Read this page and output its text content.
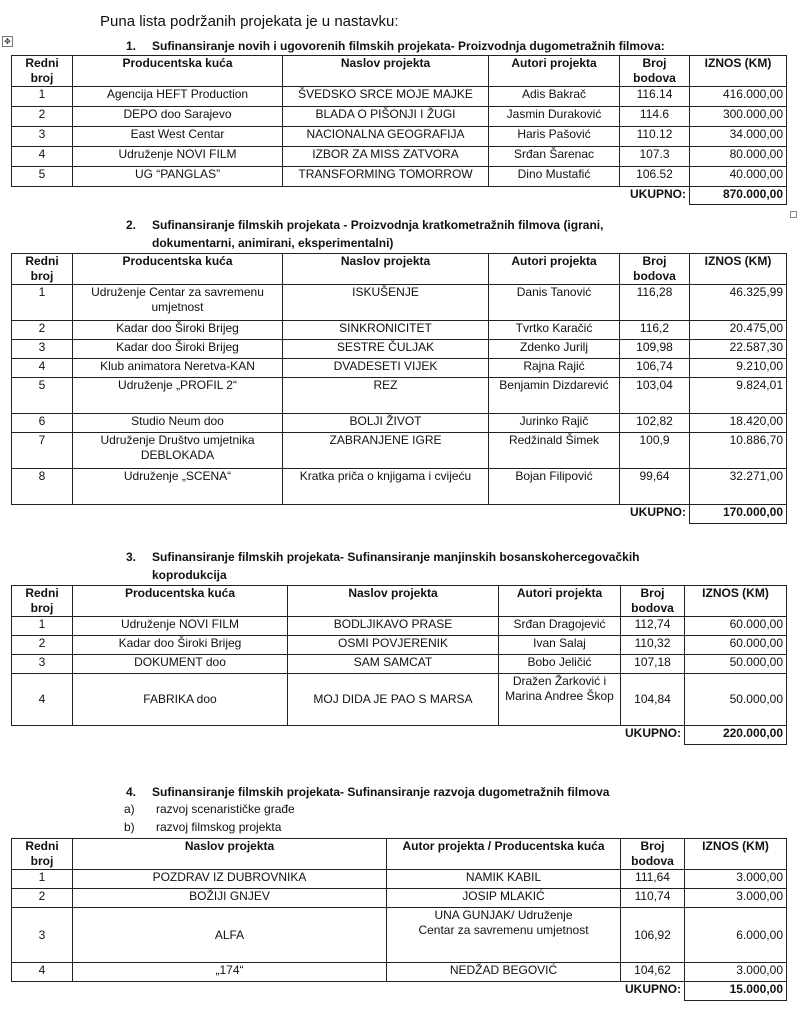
Puna lista podržanih projekata je u nastavku:
✥	1. Sufinansiranje novih i ugovorenih filmskih projekata- Proizvodnja dugometražnih filmova:
Redni broj	Producentska kuća	Naslov projekta	Autori projekta	Broj bodova	IZNOS (KM)
1	Agencija HEFT Production	ŠVEDSKO SRCE MOJE MAJKE	Adis Bakrač	116.14	416.000,00
2	DEPO doo Sarajevo	BLADA O PIŠONJI I ŽUGI	Jasmin Duraković	114.6	300.000,00
3	East West Centar	NACIONALNA GEOGRAFIJA	Haris Pašović	110.12	34.000,00
4	Udruženje NOVI FILM	IZBOR ZA MISS ZATVORA	Srđan Šarenac	107.3	80.000,00
5	UG “PANGLAS”	TRANSFORMING TOMORROW	Dino Mustafić	106.52	40.000,00
			UKUPNO:		870.000,00
2. Sufinansiranje filmskih projekata - Proizvodnja kratkometražnih filmova (igrani,
dokumentarni, animirani, eksperimentalni)
Redni broj	Producentska kuća	Naslov projekta	Autori projekta	Broj bodova	IZNOS (KM)
1	Udruženje Centar za savremenu umjetnost	ISKUŠENJE	Danis Tanović	116,28	46.325,99
2	Kadar doo Široki Brijeg	SINKRONICITET	Tvrtko Karačić	116,2	20.475,00
3	Kadar doo Široki Brijeg	SESTRE ČULJAK	Zdenko Jurilj	109,98	22.587,30
4	Klub animatora Neretva-KAN	DVADESETI VIJEK	Rajna Rajić	106,74	9.210,00
5	Udruženje „PROFIL 2“	REZ	Benjamin Dizdarević	103,04	9.824,01
6	Studio Neum doo	BOLJI ŽIVOT	Jurinko Rajič	102,82	18.420,00
7	Udruženje Društvo umjetnika DEBLOKADA	ZABRANJENE IGRE	Redžinald Šimek	100,9	10.886,70
8	Udruženje „SCENA“	Kratka priča o knjigama i cvijeću	Bojan Filipović	99,64	32.271,00
				UKUPNO:	170.000,00
3. Sufinansiranje filmskih projekata- Sufinansiranje manjinskih bosanskohercegovačkih
koprodukcija
Redni broj	Producentska kuća	Naslov projekta	Autori projekta	Broj bodova	IZNOS (KM)
1	Udruženje NOVI FILM	BODLJIKAVO PRASE	Srđan Dragojević	112,74	60.000,00
2	Kadar doo Široki Brijeg	OSMI POVJERENIK	Ivan Salaj	110,32	60.000,00
3	DOKUMENT doo	SAM SAMCAT	Bobo Jeličić	107,18	50.000,00
4	FABRIKA doo	MOJ DIDA JE PAO S MARSA	Dražen Žarković i Marina Andree Škop	104,84	50.000,00
				UKUPNO:	220.000,00
4. Sufinansiranje filmskih projekata- Sufinansiranje razvoja dugometražnih filmova
a) razvoj scenarističke građe
b) razvoj filmskog projekta
Redni broj	Naslov projekta	Autor projekta / Producentska kuća	Broj bodova	IZNOS (KM)
1	POZDRAV IZ DUBROVNIKA	NAMIK KABIL	111,64	3.000,00
2	BOŽIJI GNJEV	JOSIP MLAKIĆ	110,74	3.000,00
3	ALFA	UNA GUNJAK/ Udruženje Centar za savremenu umjetnost	106,92	6.000,00
4	„174“	NEDŽAD BEGOVIĆ	104,62	3.000,00
			UKUPNO:	15.000,00
